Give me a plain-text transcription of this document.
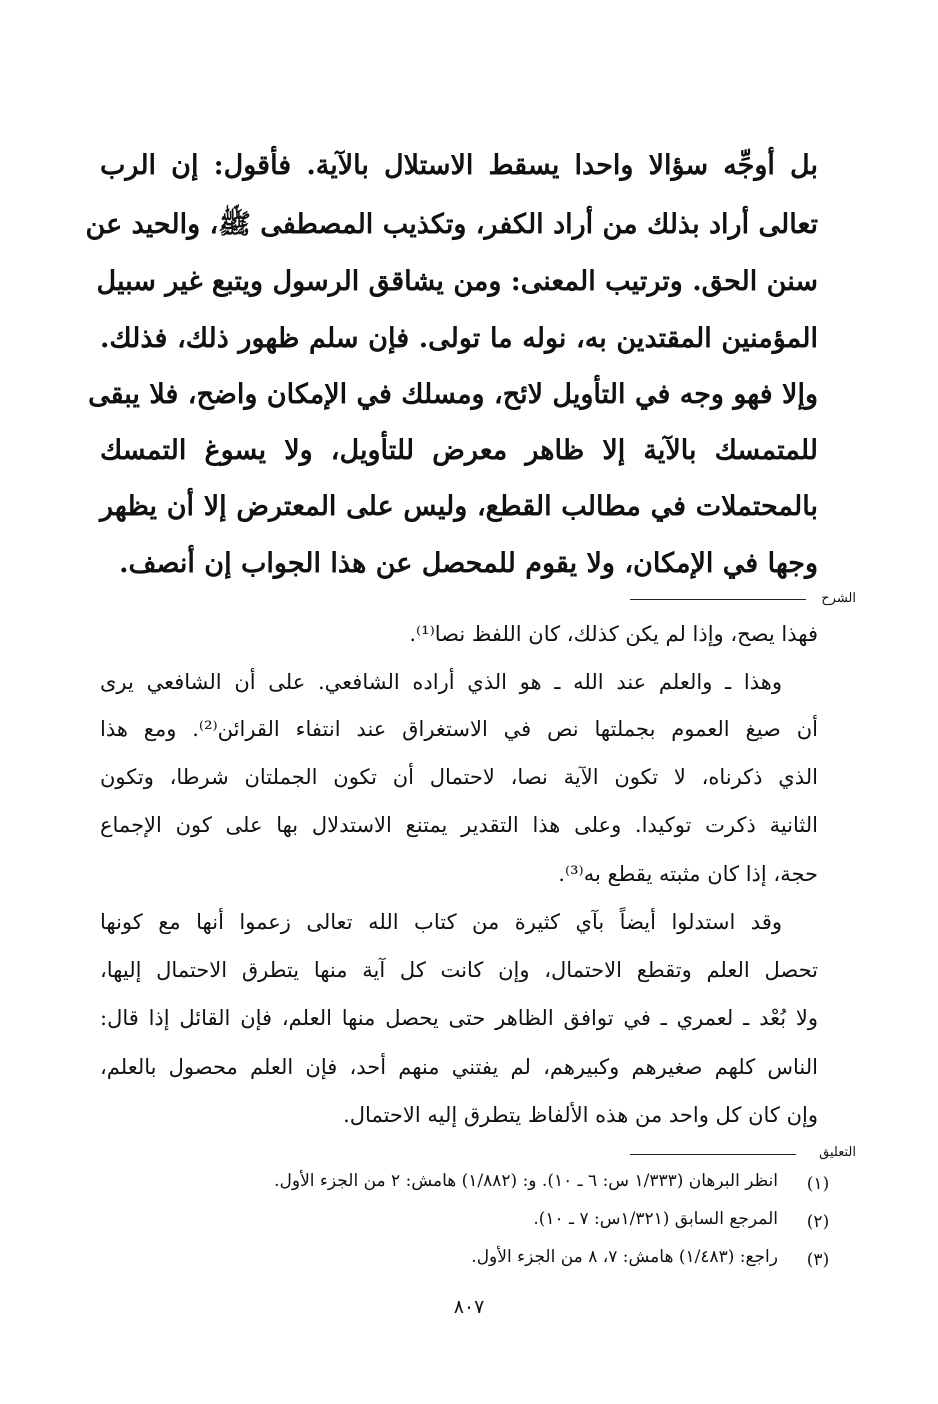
بل أوجِّه سؤالا واحدا يسقط الاستلال بالآية. فأقول: إن الرب
تعالى أراد بذلك من أراد الكفر، وتكذيب المصطفى ﷺ، والحيد عن
سنن الحق. وترتيب المعنى: ومن يشاقق الرسول ويتبع غير سبيل
المؤمنين المقتدين به، نوله ما تولى. فإن سلم ظهور ذلك، فذلك.
وإلا فهو وجه في التأويل لائح، ومسلك في الإمكان واضح، فلا يبقى
للمتمسك بالآية إلا ظاهر معرض للتأويل، ولا يسوغ التمسك
بالمحتملات في مطالب القطع، وليس على المعترض إلا أن يظهر
وجها في الإمكان، ولا يقوم للمحصل عن هذا الجواب إن أنصف.
الشرح
فهذا يصح، وإذا لم يكن كذلك، كان اللفظ نصا⁽¹⁾.
وهذا ـ والعلم عند الله ـ هو الذي أراده الشافعي. على أن الشافعي يرى
أن صيغ العموم بجملتها نص في الاستغراق عند انتفاء القرائن⁽²⁾. ومع هذا
الذي ذكرناه، لا تكون الآية نصا، لاحتمال أن تكون الجملتان شرطا، وتكون
الثانية ذكرت توكيدا. وعلى هذا التقدير يمتنع الاستدلال بها على كون الإجماع
حجة، إذا كان مثبته يقطع به⁽³⁾.
وقد استدلوا أيضاً بآي كثيرة من كتاب الله تعالى زعموا أنها مع كونها
تحصل العلم وتقطع الاحتمال، وإن كانت كل آية منها يتطرق الاحتمال إليها،
ولا بُعْد ـ لعمري ـ في توافق الظاهر حتى يحصل منها العلم، فإن القائل إذا قال:
الناس كلهم صغيرهم وكبيرهم، لم يفتني منهم أحد، فإن العلم محصول بالعلم،
وإن كان كل واحد من هذه الألفاظ يتطرق إليه الاحتمال.
التعليق
(١)
انظر البرهان (١/٣٣٣ س: ٦ ـ ١٠). و: (١/٨٨٢) هامش: ٢ من الجزء الأول.
(٢)
المرجع السابق (١/٣٢١س: ٧ ـ ١٠).
(٣)
راجع: (١/٤٨٣) هامش: ٧، ٨ من الجزء الأول.
٨٠٧
